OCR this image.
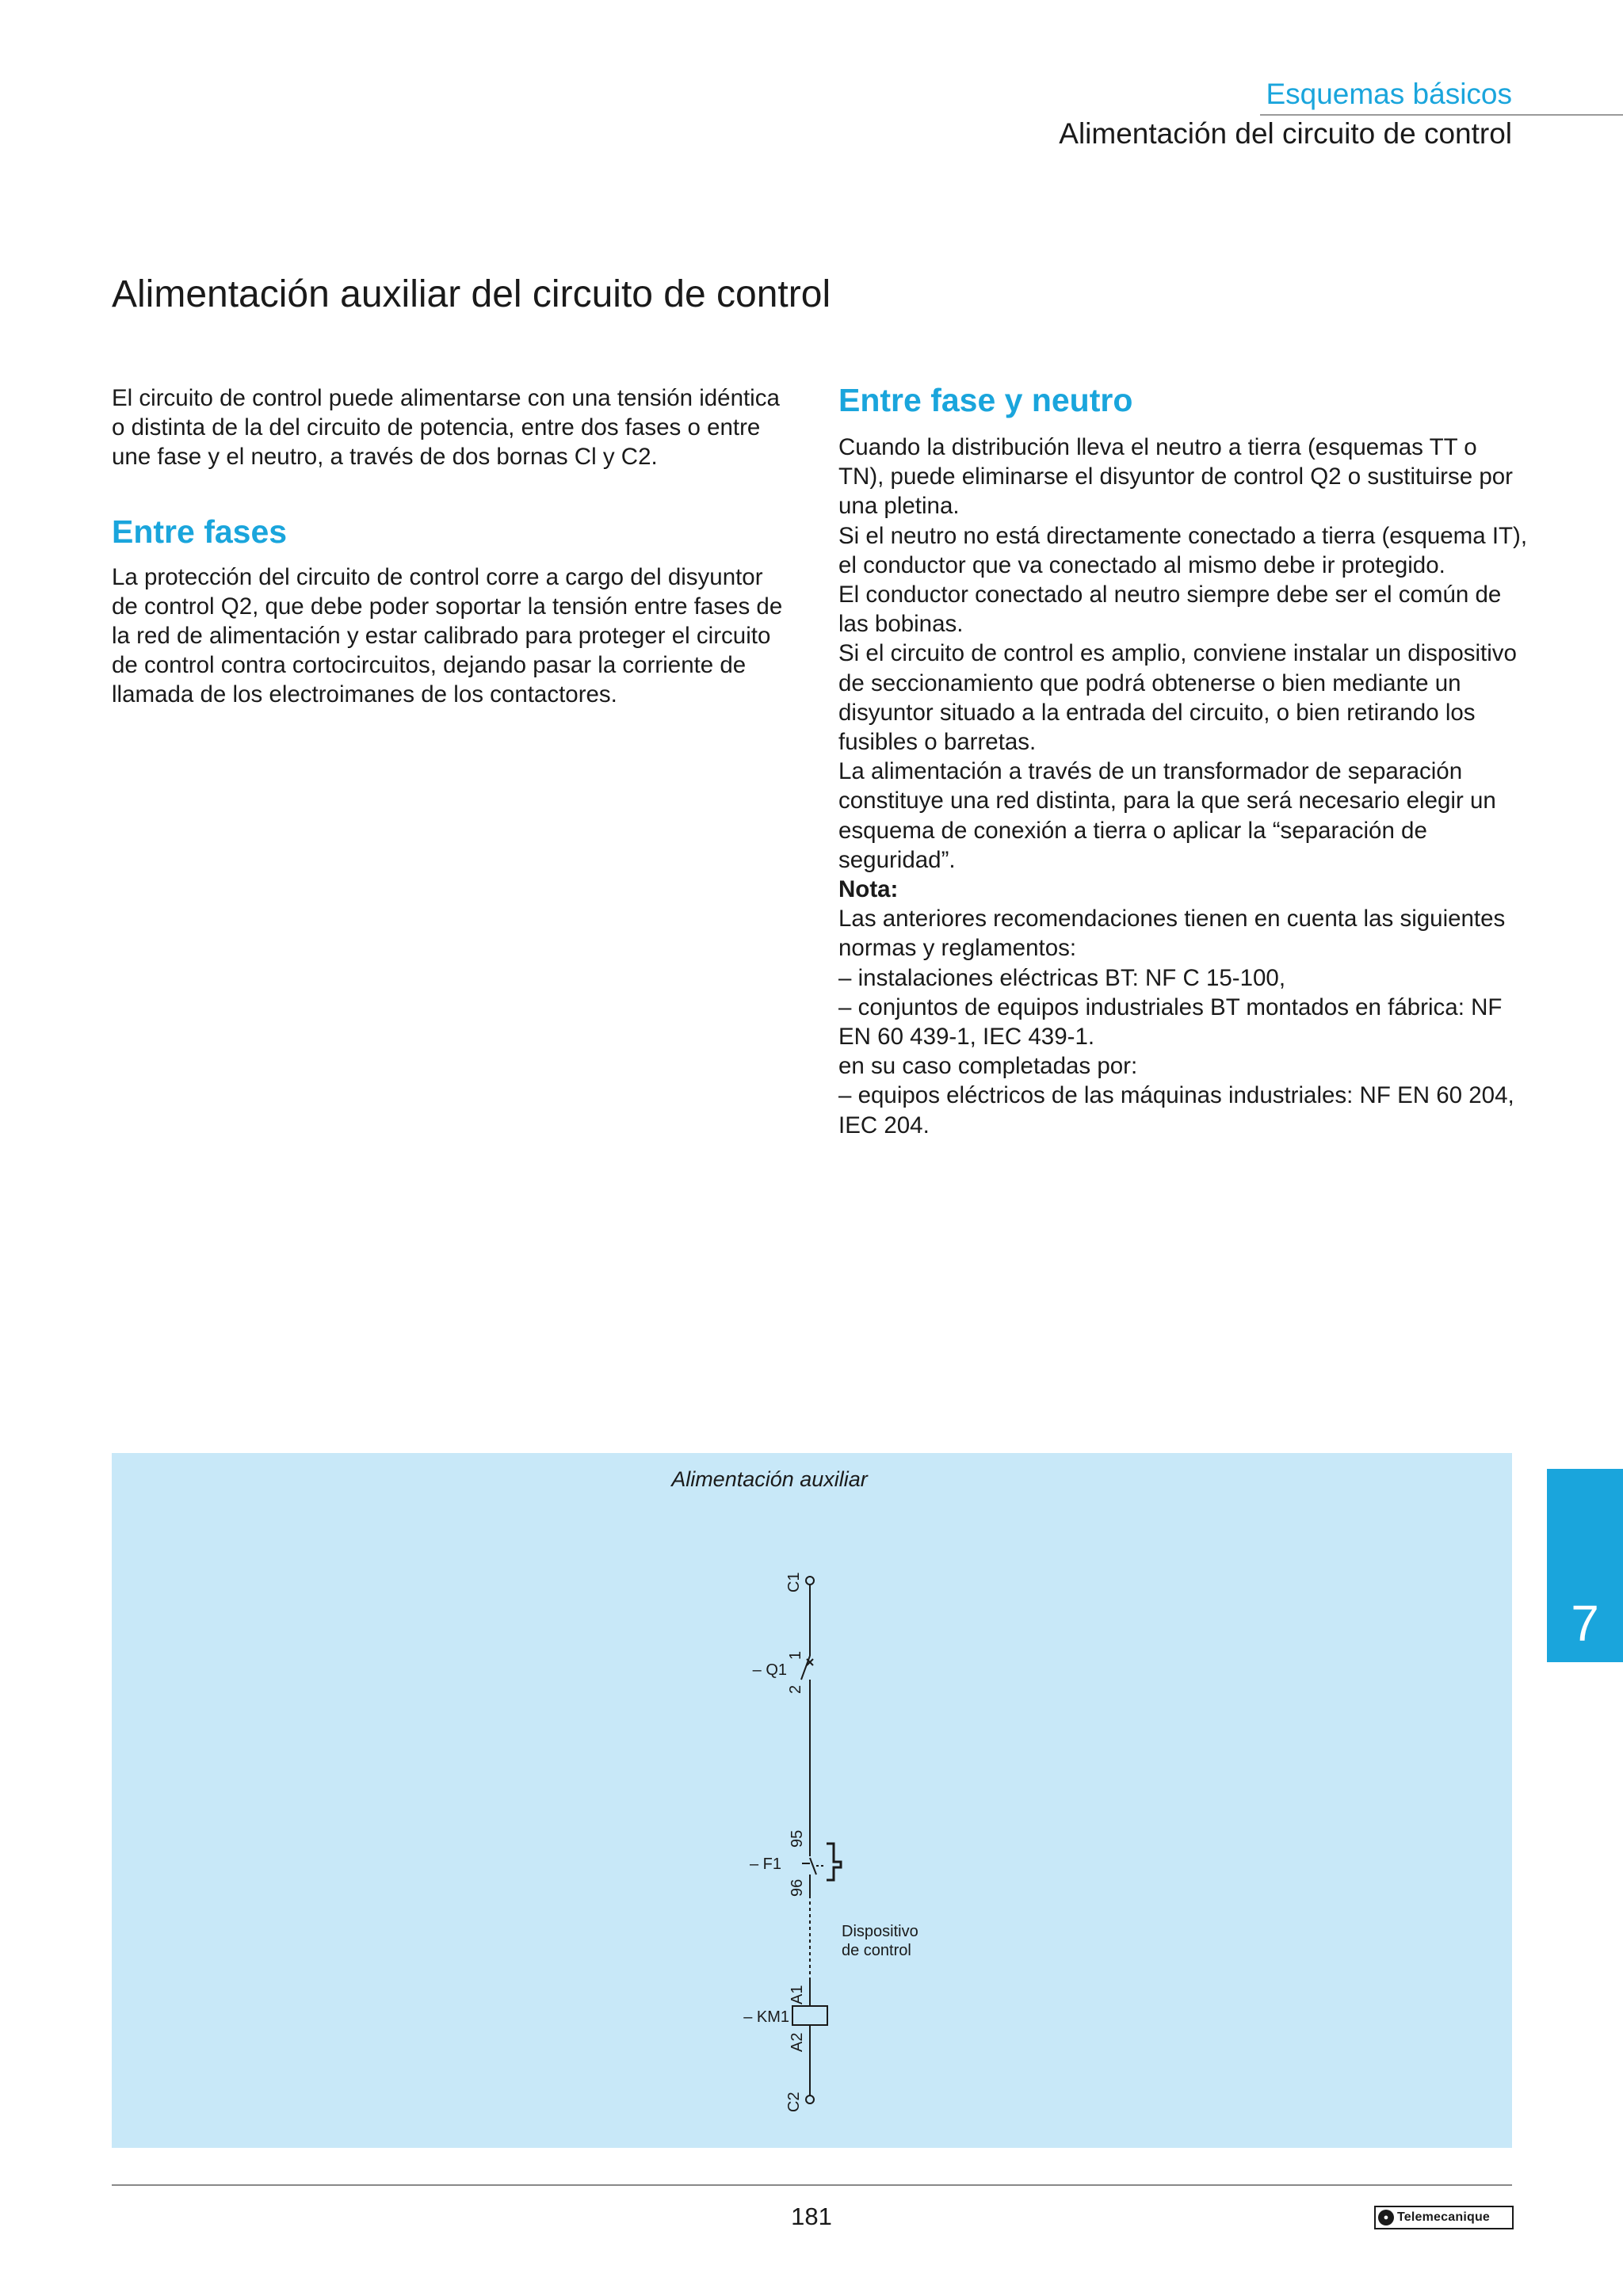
Esquemas básicos
Alimentación del circuito de control
Alimentación auxiliar del circuito de control

El circuito de control puede alimentarse con una tensión idéntica o distinta de la del circuito de potencia, entre dos fases o entre une fase y el neutro, a través de dos bornas Cl y C2.

Entre fases

La protección del circuito de control corre a cargo del disyuntor de control Q2, que debe poder soportar la tensión entre fases de la red de alimentación y estar calibrado para proteger el circuito de control contra cortocircuitos, dejando pasar la corriente de llamada de los electroimanes de los contactores.

Entre fase y neutro

Cuando la distribución lleva el neutro a tierra (esquemas TT o TN), puede eliminarse el disyuntor de control Q2 o sustituirse por una pletina.

Si el neutro no está directamente conectado a tierra (esquema IT), el conductor que va conectado al mismo debe ir protegido.

El conductor conectado al neutro siempre debe ser el común de las bobinas.

Si el circuito de control es amplio, conviene instalar un dispositivo de seccionamiento que podrá obtenerse o bien mediante un disyuntor situado a la entrada del circuito, o bien retirando los fusibles o barretas.

La alimentación a través de un transformador de separación constituye una red distinta, para la que será necesario elegir un esquema de conexión a tierra o aplicar la “separación de seguridad”.

Nota:

Las anteriores recomendaciones tienen en cuenta las siguientes normas y reglamentos:

– instalaciones eléctricas BT: NF C 15-100,

– conjuntos de equipos industriales BT montados en fábrica: NF EN 60 439-1, IEC 439-1.

en su caso completadas por:

– equipos eléctricos de las máquinas industriales: NF EN 60 204, IEC 204.

Alimentación auxiliar
C1
1
2
– Q1
95
96
– F1
Dispositivo
de control
A1
– KM1
A2
C2
7
181	● Telemecanique
